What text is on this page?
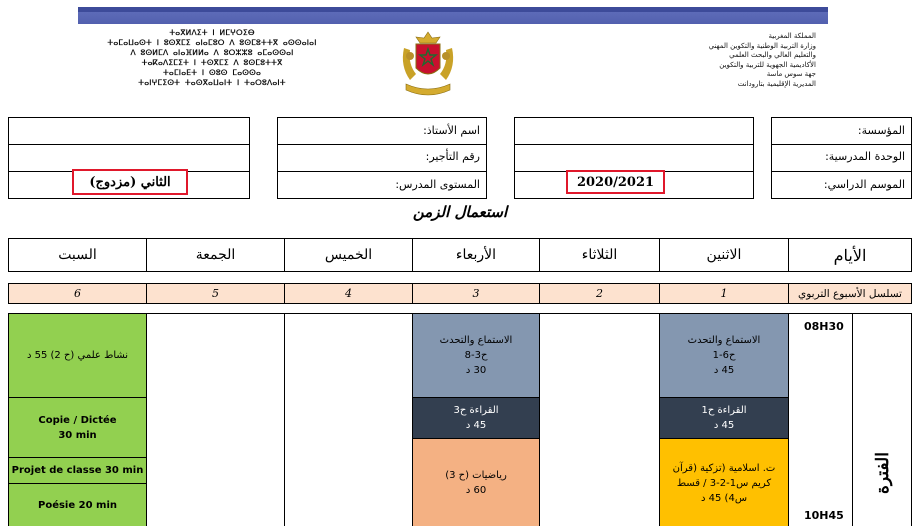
ⵜⴰⴳⵍⴷⵉⵜ ⵏ ⵍⵎⵖⵔⵉⴱ
ⵜⴰⵎⴰⵡⴰⵙⵜ ⵏ ⵓⵙⴳⵎⵉ ⴰⵏⴰⵎⵓⵔ ⴷ ⵓⵙⵎⵓⵜⵜⴳ ⴰⵙⵙⴰⵏⴰⵏ
ⴷ ⵓⵙⵍⵎⴷ ⴰⵏⴰⴼⵍⵍⴰ ⴷ ⵓⵔⵣⵣⵓ ⴰⵎⴰⵙⵙⴰⵏ
ⵜⴰⴽⴰⴷⵉⵎⵉⵜ ⵏ ⵜⵙⴳⵎⵉ ⴷ ⵓⵙⵎⵓⵜⵜⴳ
ⵜⴰⵎⵏⴰⴹⵜ ⵏ ⵙⵓⵙ ⵎⴰⵙⵙⴰ
ⵜⴰⵏⵖⵎⵉⵙⵜ ⵜⴰⵙⴳⴰⵡⴰⵏⵜ ⵏ ⵜⴰⵔⵓⴷⴰⵏⵜ
المملكة المغربية
وزارة التربية الوطنية والتكوين المهني
والتعليم العالي والبحث العلمي
الأكاديمية الجهوية للتربية والتكوين
جهة سوس ماسة
المديرية الإقليمية بتارودانت
المؤسسة:
الوحدة المدرسية:
الموسم الدراسي:
2020/2021
اسم الأستاذ:
رقم التأجير:
المستوى المدرس:
الثاني (مزدوج)
استعمال الزمن
الأيام
الاثنين
الثلاثاء
الأربعاء
الخميس
الجمعة
السبت
تسلسل الأسبوع التربوي
1
2
3
4
5
6
الفترة
08H30
10H45
الاستماع والتحدث
ح6-1
45 د
القراءة ح1
45 د
ت. اسلامية (تزكية (قرآن
كريم س1-2-3 / قسط
س4) 45 د
الاستماع والتحدث
ح3-8
30 د
القراءة ح3
45 د
رياضيات (ح 3)
60 د
نشاط علمي (ح 2) 55 د
Copie / Dictée
30 min
Projet de classe 30 min
Poésie 20 min
